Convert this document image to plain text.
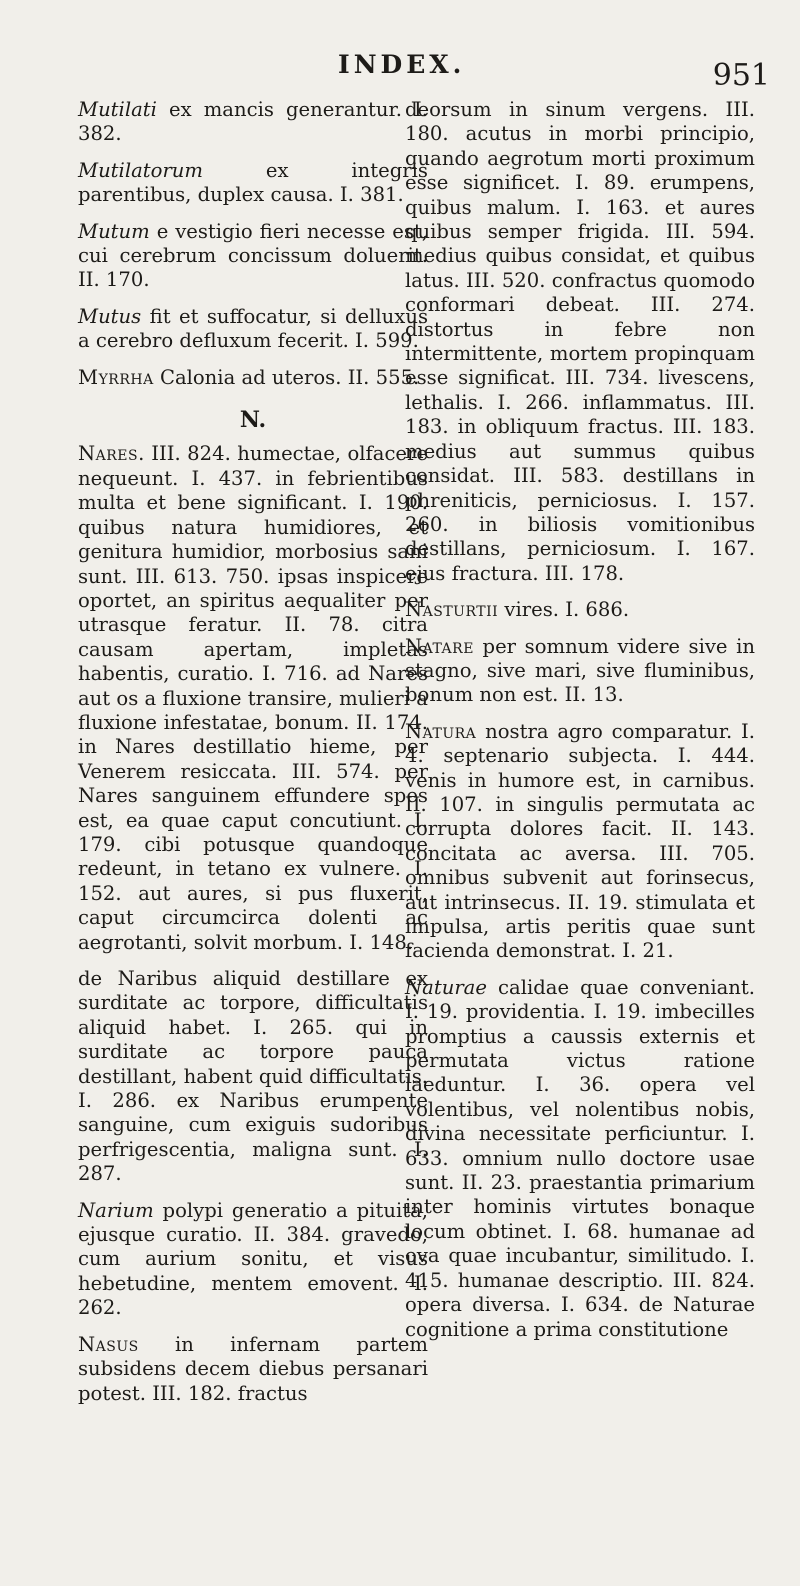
INDEX.	951

Mutilati ex mancis generantur. I. 382.

Mutilatorum ex integris parentibus, duplex causa. I. 381.

Mutum e vestigio fieri necesse est, cui cerebrum concissum doluerit. II. 170.

Mutus fit et suffocatur, si delluxus a cerebro defluxum fecerit. I. 599.

Myrrha Calonia ad uteros. II. 555.

N.

Nares. III. 824. humectae, olfacere nequeunt. I. 437. in febrientibus multa et bene significant. I. 190. quibus natura humidiores, et genitura humidior, morbosius sani sunt. III. 613. 750. ipsas inspicere oportet, an spiritus aequaliter per utrasque feratur. II. 78. citra causam apertam, impletas habentis, curatio. I. 716. ad Nares aut os a fluxione transire, mulieri a fluxione infestatae, bonum. II. 174. in Nares destillatio hieme, per Venerem resiccata. III. 574. per Nares sanguinem effundere spes est, ea quae caput concutiunt. I. 179. cibi potusque quandoque redeunt, in tetano ex vulnere. I. 152. aut aures, si pus fluxerit, caput circumcirca dolenti ac aegrotanti, solvit morbum. I. 148.

de Naribus aliquid destillare ex surditate ac torpore, difficultatis aliquid habet. I. 265. qui in surditate ac torpore pauca destillant, habent quid difficultatis. I. 286. ex Naribus erumpente sanguine, cum exiguis sudoribus perfrigescentia, maligna sunt. I. 287.

Narium polypi generatio a pituita, ejusque curatio. II. 384. gravedo, cum aurium sonitu, et visus hebetudine, mentem emovent. I. 262.

Nasus in infernam partem subsidens decem diebus persanari potest. III. 182. fractus

deorsum in sinum vergens. III. 180. acutus in morbi principio, quando aegrotum morti proximum esse significet. I. 89. erumpens, quibus malum. I. 163. et aures quibus semper frigida. III. 594. medius quibus considat, et quibus latus. III. 520. confractus quomodo conformari debeat. III. 274. distortus in febre non intermittente, mortem propinquam esse significat. III. 734. livescens, lethalis. I. 266. inflammatus. III. 183. in obliquum fractus. III. 183. medius aut summus quibus considat. III. 583. destillans in phreniticis, perniciosus. I. 157. 260. in biliosis vomitionibus destillans, perniciosum. I. 167. ejus fractura. III. 178.

Nasturtii vires. I. 686.

Natare per somnum videre sive in stagno, sive mari, sive fluminibus, bonum non est. II. 13.

Natura nostra agro comparatur. I. 4. septenario subjecta. I. 444. venis in humore est, in carnibus. II. 107. in singulis permutata ac corrupta dolores facit. II. 143. concitata ac aversa. III. 705. omnibus subvenit aut forinsecus, aut intrinsecus. II. 19. stimulata et impulsa, artis peritis quae sunt facienda demonstrat. I. 21.

Naturae calidae quae conveniant. I. 19. providentia. I. 19. imbecilles promptius a caussis externis et permutata victus ratione laeduntur. I. 36. opera vel volentibus, vel nolentibus nobis, divina necessitate perficiuntur. I. 633. omnium nullo doctore usae sunt. II. 23. praestantia primarium inter hominis virtutes bonaque locum obtinet. I. 68. humanae ad ova quae incubantur, similitudo. I. 415. humanae descriptio. III. 824. opera diversa. I. 634. de Naturae cognitione a prima constitutione
